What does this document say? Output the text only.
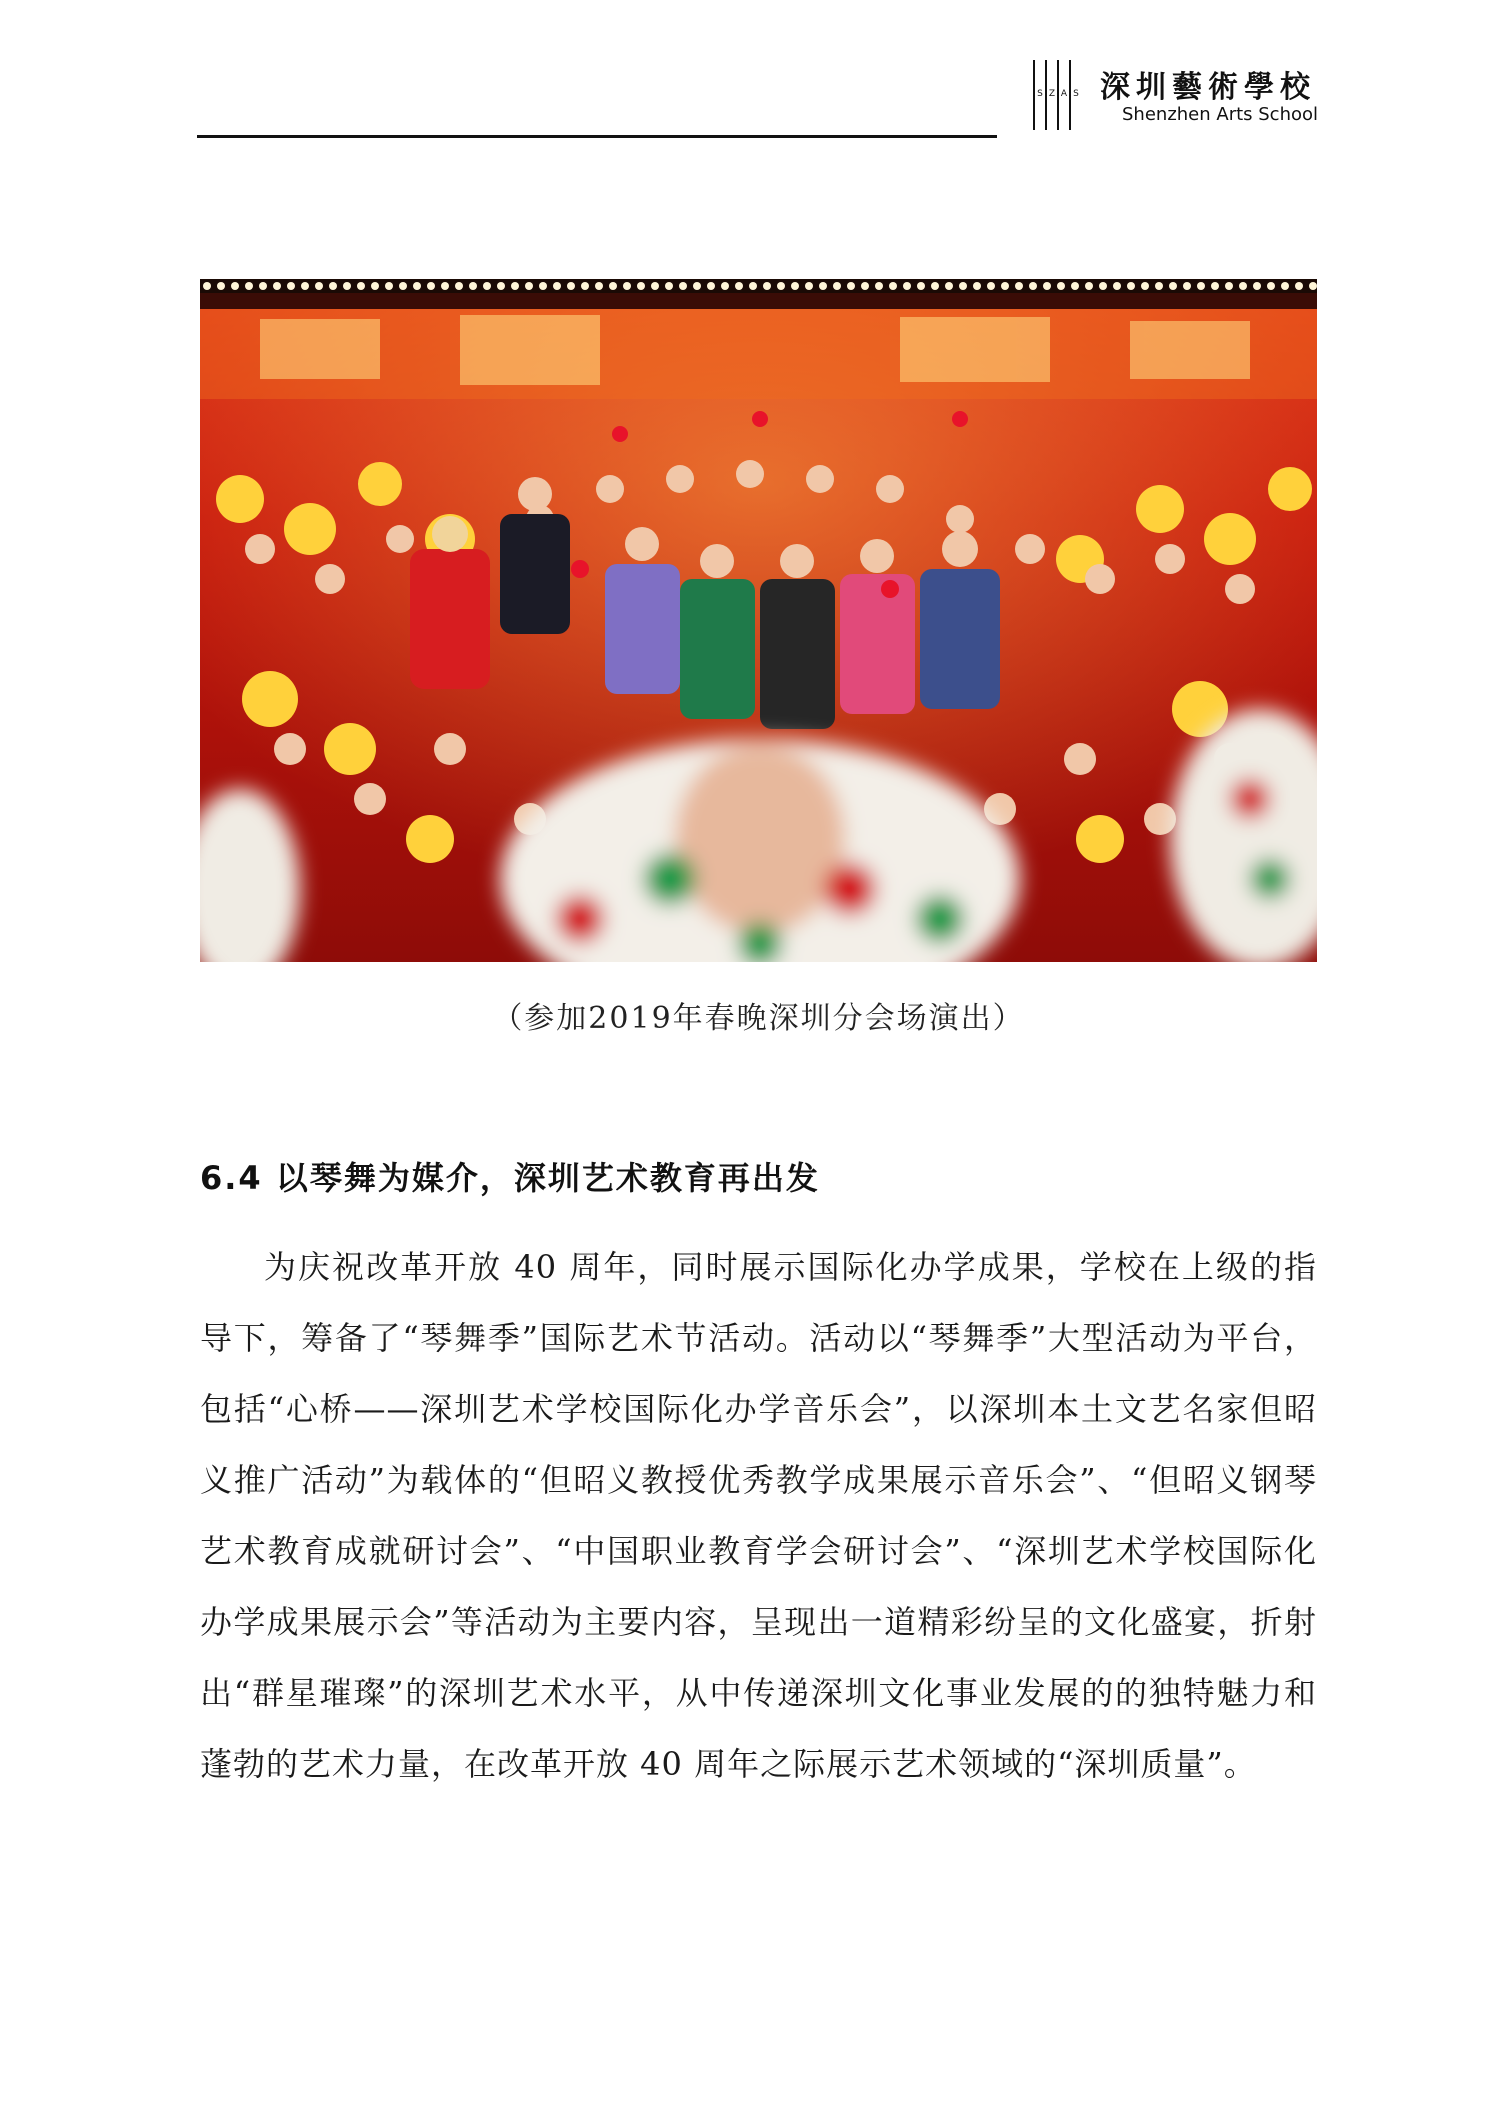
S Z A S 深圳藝術學校
Shenzhen Arts School
（参加2019年春晚深圳分会场演出）
6.4 以琴舞为媒介，深圳艺术教育再出发

为庆祝改革开放 40 周年，同时展示国际化办学成果，学校在上级的指导下，筹备了“琴舞季”国际艺术节活动。活动以“琴舞季”大型活动为平台，包括“心桥——深圳艺术学校国际化办学音乐会”，以深圳本土文艺名家但昭义推广活动”为载体的“但昭义教授优秀教学成果展示音乐会”、“但昭义钢琴艺术教育成就研讨会”、“中国职业教育学会研讨会”、“深圳艺术学校国际化办学成果展示会”等活动为主要内容，呈现出一道精彩纷呈的文化盛宴，折射出“群星璀璨”的深圳艺术水平，从中传递深圳文化事业发展的的独特魅力和蓬勃的艺术力量，在改革开放 40 周年之际展示艺术领域的“深圳质量”。
